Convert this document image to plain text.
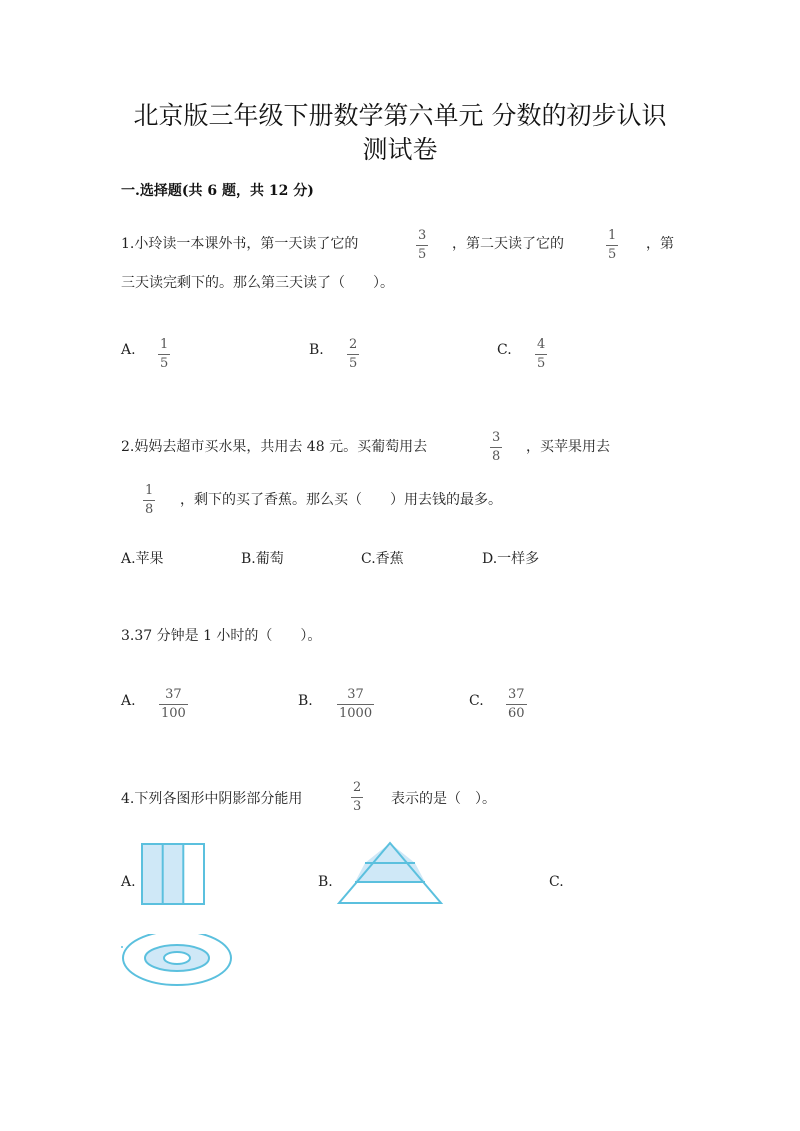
北京版三年级下册数学第六单元 分数的初步认识
测试卷
一.选择题(共 6 题，共 12 分)
1.小玲读一本课外书，第一天读了它的
3
5
，第二天读了它的
1
5
，第
三天读完剩下的。那么第三天读了（　　）。
A. 1
5
B. 2
5
C. 4
5
2.妈妈去超市买水果，共用去 48 元。买葡萄用去
3
8
，买苹果用去
1
8
，剩下的买了香蕉。那么买（　　）用去钱的最多。
A.苹果	B.葡萄	C.香蕉	D.一样多
3.37 分钟是 1 小时的（　　）。
A.	37
100
B.	37
1000
C. 37
60
4.下列各图形中阴影部分能用
2
3 表示的是（　）。
A.	B.	C.
